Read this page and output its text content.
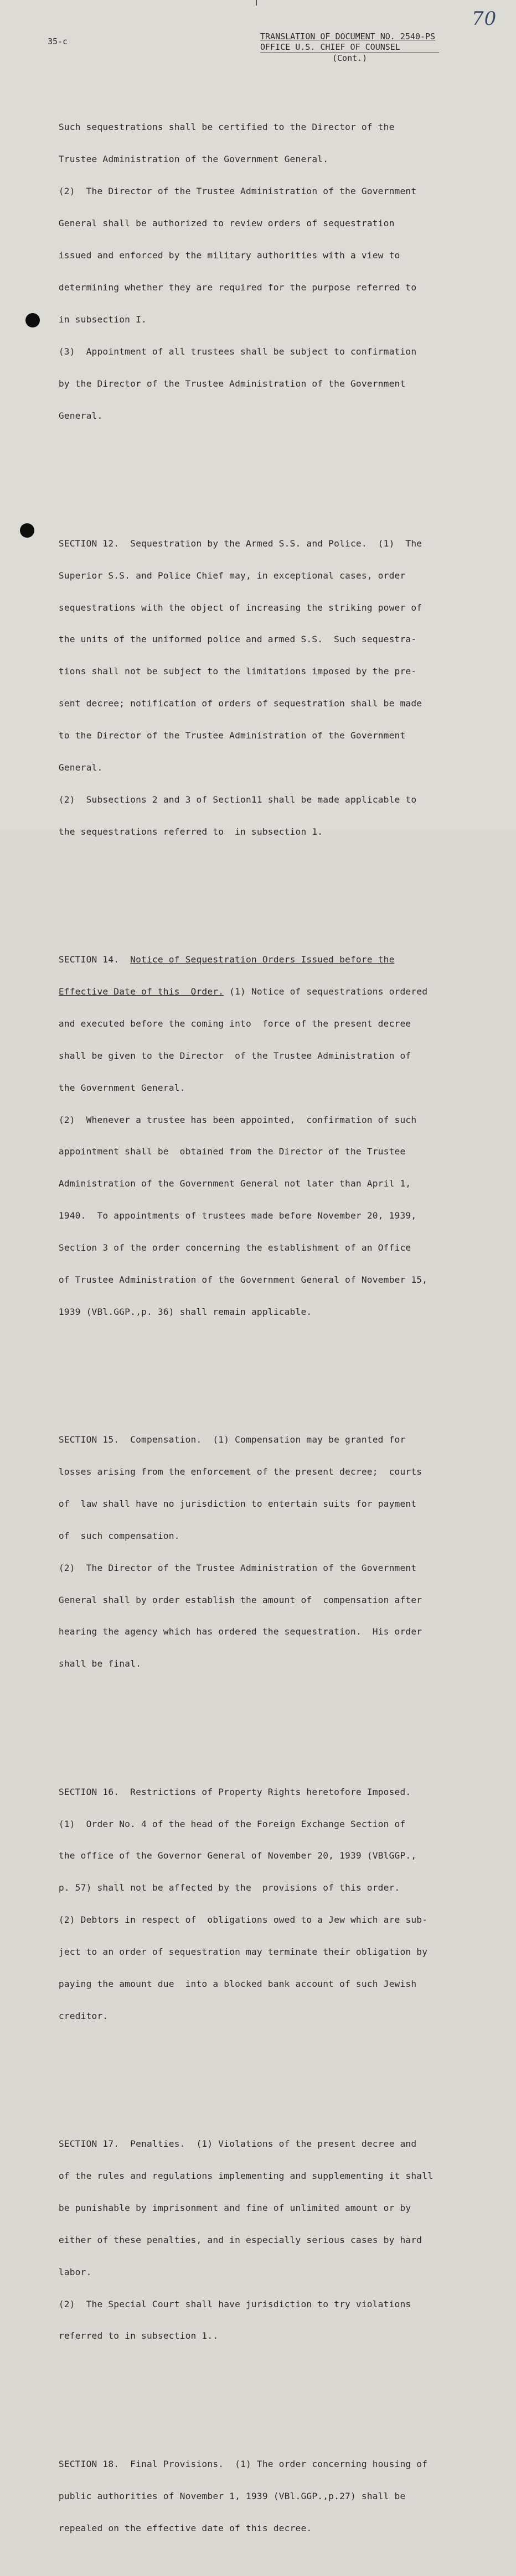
70
35-c	TRANSLATION OF DOCUMENT NO. 2540-PS
OFFICE U.S. CHIEF OF COUNSEL
(Cont.)

Such sequestrations shall be certified to the Director of the

Trustee Administration of the Government General.

(2)  The Director of the Trustee Administration of the Government

General shall be authorized to review orders of sequestration

issued and enforced by the military authorities with a view to

determining whether they are required for the purpose referred to

in subsection I.

(3)  Appointment of all trustees shall be subject to confirmation

by the Director of the Trustee Administration of the Government

General.

SECTION 12.  Sequestration by the Armed S.S. and Police.  (1)  The

Superior S.S. and Police Chief may, in exceptional cases, order

sequestrations with the object of increasing the striking power of

the units of the uniformed police and armed S.S.  Such sequestra-

tions shall not be subject to the limitations imposed by the pre-

sent decree; notification of orders of sequestration shall be made

to the Director of the Trustee Administration of the Government

General.

(2)  Subsections 2 and 3 of Section11 shall be made applicable to

the sequestrations referred to  in subsection 1.

SECTION 14.  Notice of Sequestration Orders Issued before the

Effective Date of this  Order. (1) Notice of sequestrations ordered

and executed before the coming into  force of the present decree

shall be given to the Director  of the Trustee Administration of

the Government General.

(2)  Whenever a trustee has been appointed,  confirmation of such

appointment shall be  obtained from the Director of the Trustee

Administration of the Government General not later than April 1,

1940.  To appointments of trustees made before November 20, 1939,

Section 3 of the order concerning the establishment of an Office

of Trustee Administration of the Government General of November 15,

1939 (VBl.GGP.,p. 36) shall remain applicable.

SECTION 15.  Compensation.  (1) Compensation may be granted for

losses arising from the enforcement of the present decree;  courts

of  law shall have no jurisdiction to entertain suits for payment

of  such compensation.

(2)  The Director of the Trustee Administration of the Government

General shall by order establish the amount of  compensation after

hearing the agency which has ordered the sequestration.  His order

shall be final.

SECTION 16.  Restrictions of Property Rights heretofore Imposed.

(1)  Order No. 4 of the head of the Foreign Exchange Section of

the office of the Governor General of November 20, 1939 (VBlGGP.,

p. 57) shall not be affected by the  provisions of this order.

(2) Debtors in respect of  obligations owed to a Jew which are sub-

ject to an order of sequestration may terminate their obligation by

paying the amount due  into a blocked bank account of such Jewish

creditor.

SECTION 17.  Penalties.  (1) Violations of the present decree and

of the rules and regulations implementing and supplementing it shall

be punishable by imprisonment and fine of unlimited amount or by

either of these penalties, and in especially serious cases by hard

labor.

(2)  The Special Court shall have jurisdiction to try violations

referred to in subsection 1..

SECTION 18.  Final Provisions.  (1) The order concerning housing of

public authorities of November 1, 1939 (VBl.GGP.,p.27) shall be

repealed on the effective date of this decree.
